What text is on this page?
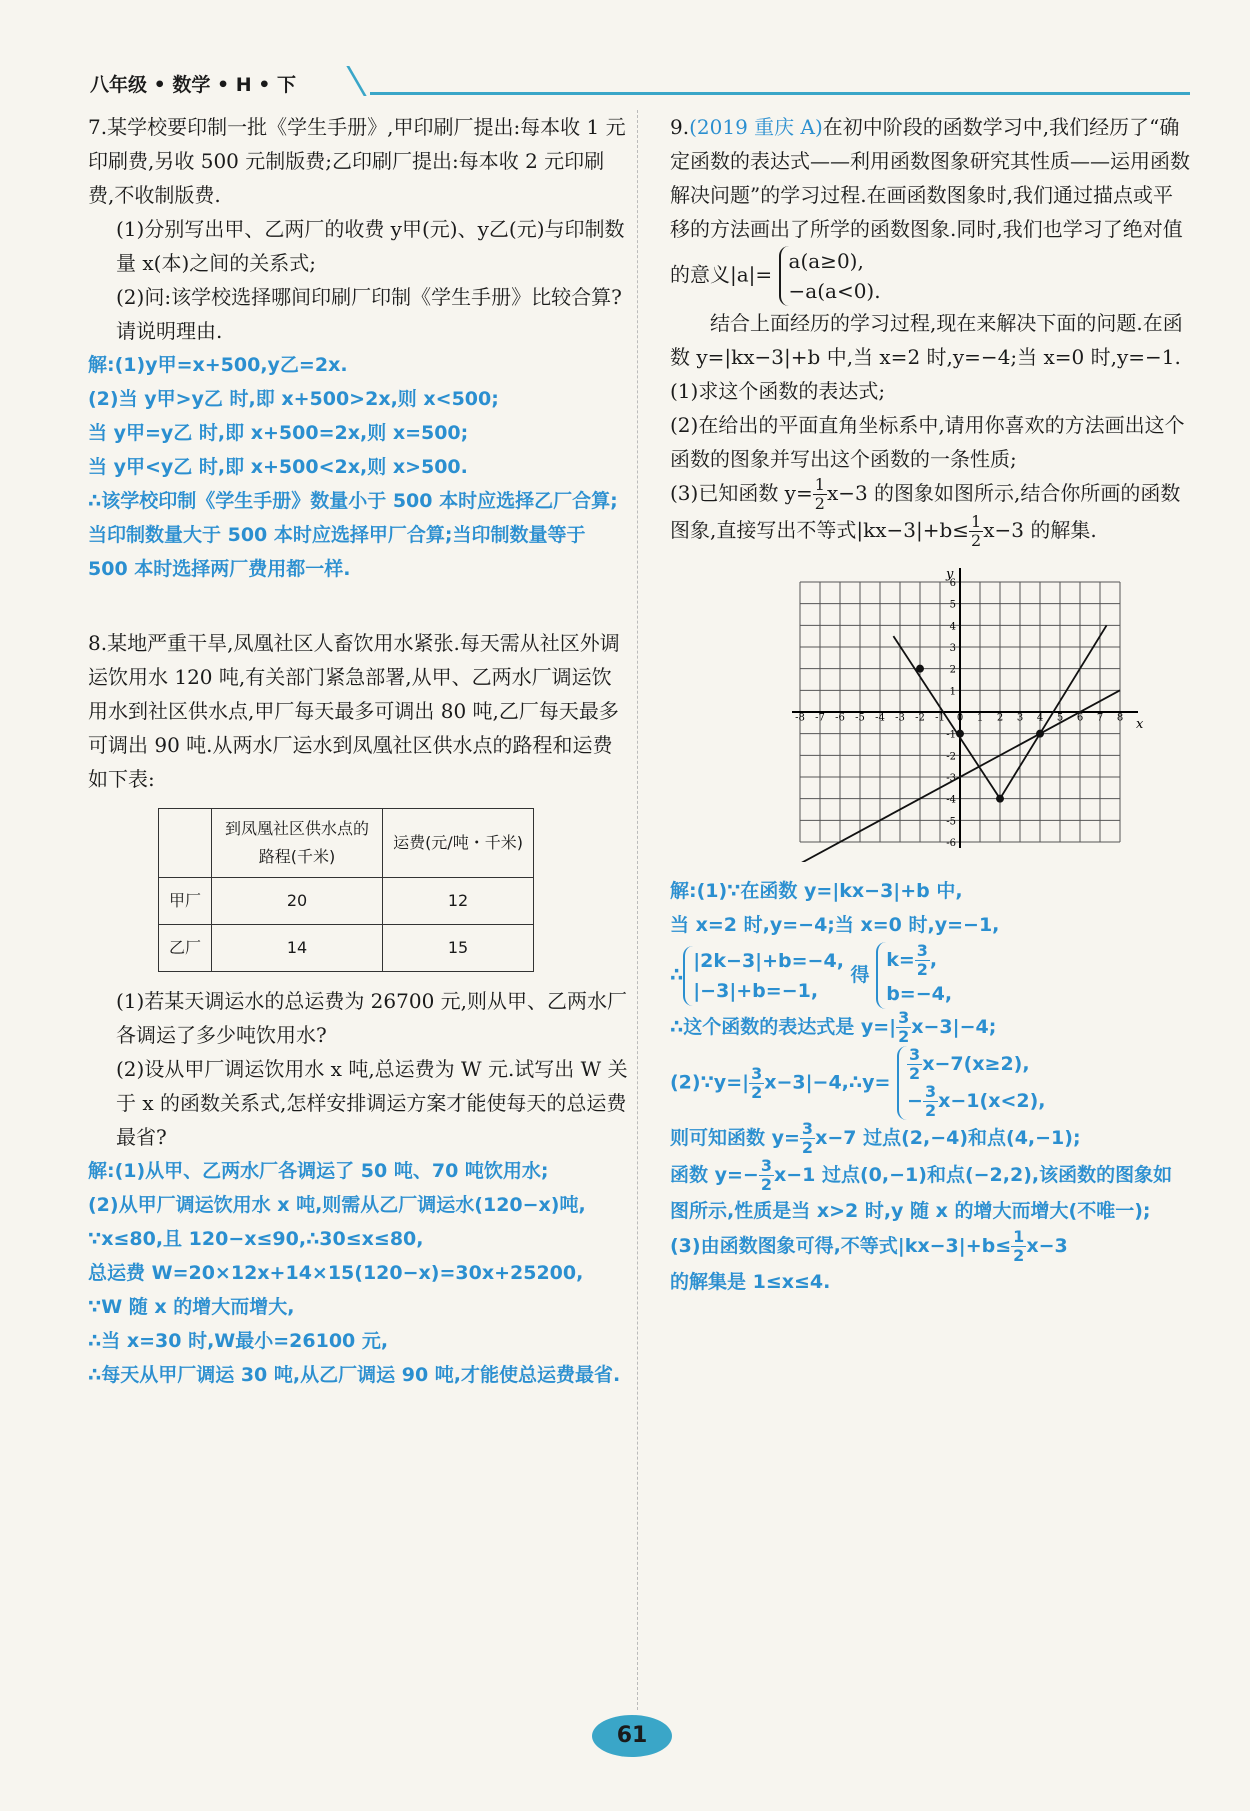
八年级 • 数学 • H • 下

7.某学校要印制一批《学生手册》,甲印刷厂提出:每本收 1 元印刷费,另收 500 元制版费;乙印刷厂提出:每本收 2 元印刷费,不收制版费.

(1)分别写出甲、乙两厂的收费 y甲(元)、y乙(元)与印制数量 x(本)之间的关系式;

(2)问:该学校选择哪间印刷厂印制《学生手册》比较合算?请说明理由.

解:(1)y甲=x+500,y乙=2x.

(2)当 y甲>y乙 时,即 x+500>2x,则 x<500;

当 y甲=y乙 时,即 x+500=2x,则 x=500;

当 y甲<y乙 时,即 x+500<2x,则 x>500.

∴该学校印制《学生手册》数量小于 500 本时应选择乙厂合算;当印制数量大于 500 本时应选择甲厂合算;当印制数量等于 500 本时选择两厂费用都一样.

8.某地严重干旱,凤凰社区人畜饮用水紧张.每天需从社区外调运饮用水 120 吨,有关部门紧急部署,从甲、乙两水厂调运饮用水到社区供水点,甲厂每天最多可调出 80 吨,乙厂每天最多可调出 90 吨.从两水厂运水到凤凰社区供水点的路程和运费如下表:

	到凤凰社区供水点的路程(千米)	运费(元/吨・千米)
甲厂	20	12
乙厂	14	15

(1)若某天调运水的总运费为 26700 元,则从甲、乙两水厂各调运了多少吨饮用水?

(2)设从甲厂调运饮用水 x 吨,总运费为 W 元.试写出 W 关于 x 的函数关系式,怎样安排调运方案才能使每天的总运费最省?

解:(1)从甲、乙两水厂各调运了 50 吨、70 吨饮用水;

(2)从甲厂调运饮用水 x 吨,则需从乙厂调运水(120−x)吨,

∵x≤80,且 120−x≤90,∴30≤x≤80,

总运费 W=20×12x+14×15(120−x)=30x+25200,

∵W 随 x 的增大而增大,

∴当 x=30 时,W最小=26100 元,

∴每天从甲厂调运 30 吨,从乙厂调运 90 吨,才能使总运费最省.

9.(2019 重庆 A)在初中阶段的函数学习中,我们经历了“确定函数的表达式——利用函数图象研究其性质——运用函数解决问题”的学习过程.在画函数图象时,我们通过描点或平移的方法画出了所学的函数图象.同时,我们也学习了绝对值的意义|a|=
a(a≥0),
−a(a<0).

结合上面经历的学习过程,现在来解决下面的问题.在函数 y=|kx−3|+b 中,当 x=2 时,y=−4;当 x=0 时,y=−1.

(1)求这个函数的表达式;

(2)在给出的平面直角坐标系中,请用你喜欢的方法画出这个函数的图象并写出这个函数的一条性质;

(3)已知函数 $y= \frac{1}{2} x-3$ 的图象如图所示,结合你所画的函数图象,直接写出不等式$|kx-3|+b\le \frac{1}{2} x-3$ 的解集.

x
y
-8 -7 -6 -5 -4 -3 -2 -1 0 1 2 3 4 5 6 7 8
6
5
4
3
2
1
-1
-2
-3
-4
-5
-6

解:(1)∵在函数 y=|kx−3|+b 中,

当 x=2 时,y=−4;当 x=0 时,y=−1,

∴
|2k−3|+b=−4,
|−3|+b=−1,
得
$k= \frac{3}{2}$ ,
b=−4,

∴这个函数的表达式是 $y=| \frac{3}{2} x-3|-4$;

(2)∵y=| $\frac{3}{2}$ x−3|−4,∴y= $\frac{3}{2} x-7(x\ge 2)$,
− $\frac{3}{2} x-1(x<2)$,

则可知函数 $y= \frac{3}{2} x-7$ 过点(2,−4)和点(4,−1);

函数 $y=- \frac{3}{2} x-1$ 过点(0,−1)和点(−2,2),该函数的图象如图所示,性质是当 x>2 时,y 随 x 的增大而增大(不唯一);

(3)由函数图象可得,不等式$|kx-3|+b\le \frac{1}{2} x-3$

的解集是 1≤x≤4.

61
